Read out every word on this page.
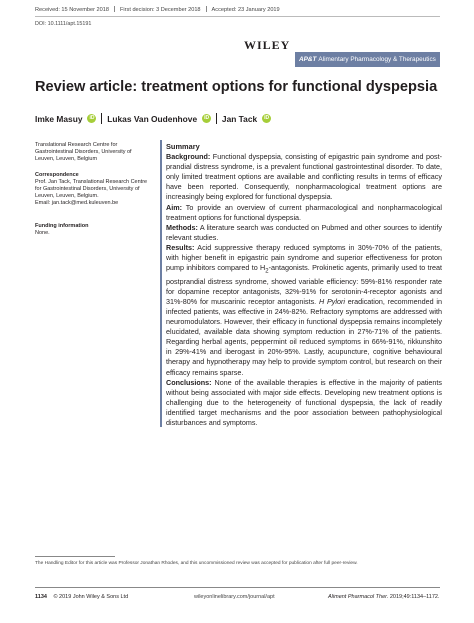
Received: 15 November 2018 First decision: 3 December 2018 Accepted: 23 January 2019
DOI: 10.1111/apt.15191
WILEY
AP&T Alimentary Pharmacology & Therapeutics
Review article: treatment options for functional dyspepsia
Imke Masuy	iD Lukas Van Oudenhove	iD Jan Tack	iD
Translational Research Centre for Gastrointestinal Disorders, University of Leuven, Leuven, Belgium
Correspondence
Prof. Jan Tack, Translational Research Centre for Gastrointestinal Disorders, University of Leuven, Leuven, Belgium.
Email: jan.tack@med.kuleuven.be
Funding information
None.
Summary

Background: Functional dyspepsia, consisting of epigastric pain syndrome and post-prandial distress syndrome, is a prevalent functional gastrointestinal disorder. To date, only limited treatment options are available and conflicting results in terms of efficacy have been reported. Consequently, nonpharmacological treatment options are increasingly being explored for functional dyspepsia.

Aim: To provide an overview of current pharmacological and nonpharmacological treatment options for functional dyspepsia.

Methods: A literature search was conducted on Pubmed and other sources to identify relevant studies.

Results: Acid suppressive therapy reduced symptoms in 30%-70% of the patients, with higher benefit in epigastric pain syndrome and superior effectiveness for proton pump inhibitors compared to $H_2$-antagonists. Prokinetic agents, primarily used to treat postprandial distress syndrome, showed variable efficiency: 59%-81% responder rate for dopamine receptor antagonists, 32%-91% for serotonin-4-receptor agonists and 31%-80% for muscarinic receptor antagonists. H Pylori eradication, recommended in infected patients, was effective in 24%-82%. Refractory symptoms are addressed with neuromodulators. However, their efficacy in functional dyspepsia remains incompletely elucidated, available data showing symptom reduction in 27%-71% of the patients. Regarding herbal agents, peppermint oil reduced symptoms in 66%-91%, rikkunshito in 29%-41% and iberogast in 20%-95%. Lastly, acupuncture, cognitive behavioural therapy and hypnotherapy may help to provide symptom control, but research on their efficacy remains sparse.

Conclusions: None of the available therapies is effective in the majority of patients without being associated with major side effects. Developing new treatment options is challenging due to the heterogeneity of functional dyspepsia, the lack of readily identified target mechanisms and the poor association between pathophysiological disturbances and symptoms.

The Handling Editor for this article was Professor Jonathan Rhodes, and this uncommissioned review was accepted for publication after full peer-review.
1134 © 2019 John Wiley & Sons Ltd	wileyonlinelibrary.com/journal/apt	Aliment Pharmacol Ther. 2019;49:1134–1172.
